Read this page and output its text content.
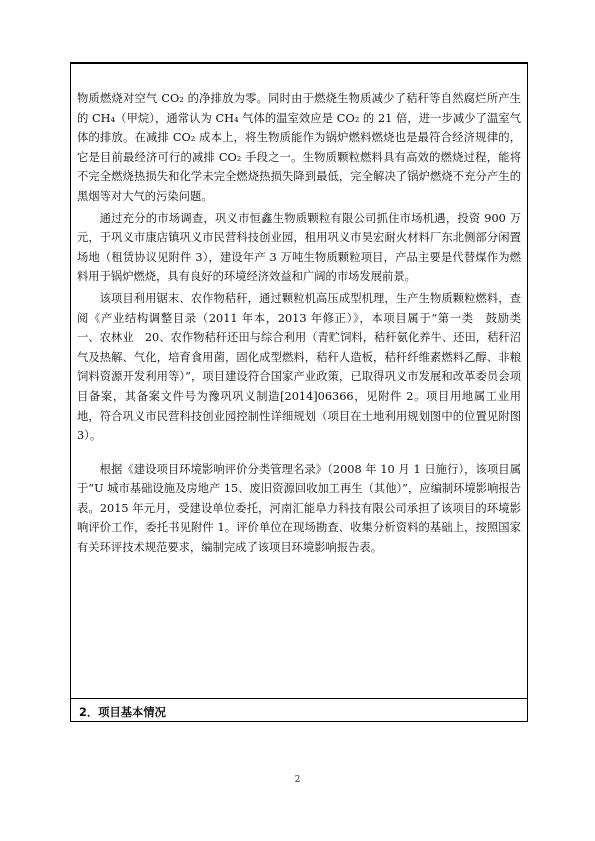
物质燃烧对空气 CO₂ 的净排放为零。同时由于燃烧生物质减少了秸秆等自然腐烂所产生的 CH₄（甲烷），通常认为 CH₄ 气体的温室效应是 CO₂ 的 21 倍，进一步减少了温室气体的排放。在减排 CO₂ 成本上，将生物质能作为锅炉燃料燃烧也是最符合经济规律的，它是目前最经济可行的减排 CO₂ 手段之一。生物质颗粒燃料具有高效的燃烧过程，能将不完全燃烧热损失和化学未完全燃烧热损失降到最低，完全解决了锅炉燃烧不充分产生的黑烟等对大气的污染问题。

通过充分的市场调查，巩义市恒鑫生物质颗粒有限公司抓住市场机遇，投资 900 万元，于巩义市康店镇巩义市民营科技创业园，租用巩义市昊宏耐火材料厂东北侧部分闲置场地（租赁协议见附件 3），建设年产 3 万吨生物质颗粒项目，产品主要是代替煤作为燃料用于锅炉燃烧，具有良好的环境经济效益和广阔的市场发展前景。

该项目利用锯末、农作物秸秆，通过颗粒机高压成型机理，生产生物质颗粒燃料，查阅《产业结构调整目录（2011 年本，2013 年修正）》，本项目属于“第一类　鼓励类　一、农林业　20、农作物秸秆还田与综合利用（青贮饲料，秸秆氨化养牛、还田，秸秆沼气及热解、气化，培育食用菌，固化成型燃料，秸秆人造板，秸秆纤维素燃料乙醇、非粮饲料资源开发利用等）”，项目建设符合国家产业政策，已取得巩义市发展和改革委员会项目备案，其备案文件号为豫巩巩义制造[2014]06366，见附件 2。项目用地属工业用地，符合巩义市民营科技创业园控制性详细规划（项目在土地利用规划图中的位置见附图 3）。

根据《建设项目环境影响评价分类管理名录》（2008 年 10 月 1 日施行），该项目属于“U 城市基础设施及房地产 15、废旧资源回收加工再生（其他）”，应编制环境影响报告表。2015 年元月，受建设单位委托，河南汇能阜力科技有限公司承担了该项目的环境影响评价工作，委托书见附件 1。评价单位在现场勘查、收集分析资料的基础上，按照国家有关环评技术规范要求，编制完成了该项目环境影响报告表。

2．项目基本情况
2
